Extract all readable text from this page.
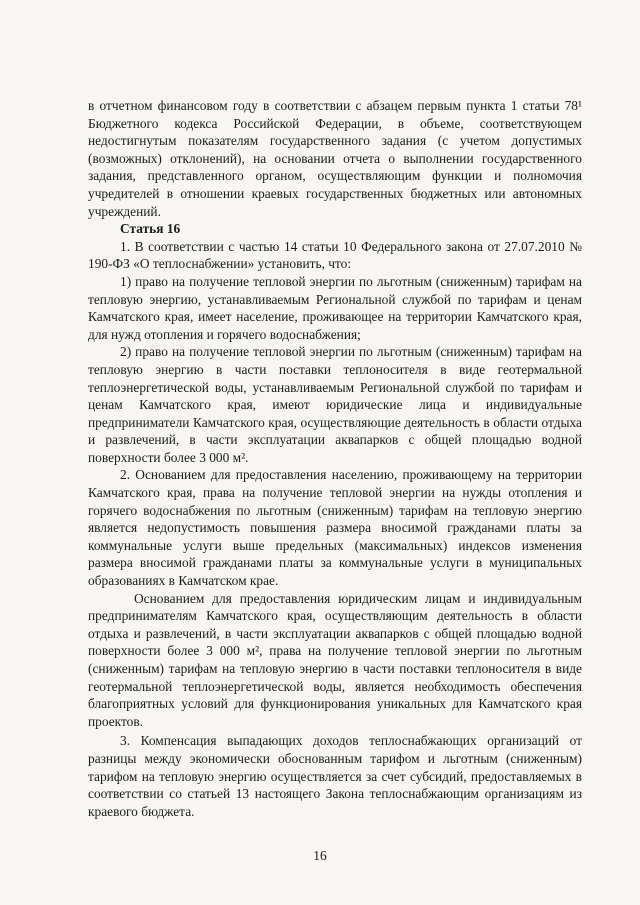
в отчетном финансовом году в соответствии с абзацем первым пункта 1 статьи 78¹ Бюджетного кодекса Российской Федерации, в объеме, соответствующем недостигнутым показателям государственного задания (с учетом допустимых (возможных) отклонений), на основании отчета о выполнении государственного задания, представленного органом, осуществляющим функции и полномочия учредителей в отношении краевых государственных бюджетных или автономных учреждений.

Статья 16

1. В соответствии с частью 14 статьи 10 Федерального закона от 27.07.2010 № 190-ФЗ «О теплоснабжении» установить, что:

1) право на получение тепловой энергии по льготным (сниженным) тарифам на тепловую энергию, устанавливаемым Региональной службой по тарифам и ценам Камчатского края, имеет население, проживающее на территории Камчатского края, для нужд отопления и горячего водоснабжения;

2) право на получение тепловой энергии по льготным (сниженным) тарифам на тепловую энергию в части поставки теплоносителя в виде геотермальной теплоэнергетической воды, устанавливаемым Региональной службой по тарифам и ценам Камчатского края, имеют юридические лица и индивидуальные предприниматели Камчатского края, осуществляющие деятельность в области отдыха и развлечений, в части эксплуатации аквапарков с общей площадью водной поверхности более 3 000 м².

2. Основанием для предоставления населению, проживающему на территории Камчатского края, права на получение тепловой энергии на нужды отопления и горячего водоснабжения по льготным (сниженным) тарифам на тепловую энергию является недопустимость повышения размера вносимой гражданами платы за коммунальные услуги выше предельных (максимальных) индексов изменения размера вносимой гражданами платы за коммунальные услуги в муниципальных образованиях в Камчатском крае.

Основанием для предоставления юридическим лицам и индивидуальным предпринимателям Камчатского края, осуществляющим деятельность в области отдыха и развлечений, в части эксплуатации аквапарков с общей площадью водной поверхности более 3 000 м², права на получение тепловой энергии по льготным (сниженным) тарифам на тепловую энергию в части поставки теплоносителя в виде геотермальной теплоэнергетической воды, является необходимость обеспечения благоприятных условий для функционирования уникальных для Камчатского края проектов.

3. Компенсация выпадающих доходов теплоснабжающих организаций от разницы между экономически обоснованным тарифом и льготным (сниженным) тарифом на тепловую энергию осуществляется за счет субсидий, предоставляемых в соответствии со статьей 13 настоящего Закона теплоснабжающим организациям из краевого бюджета.

16
